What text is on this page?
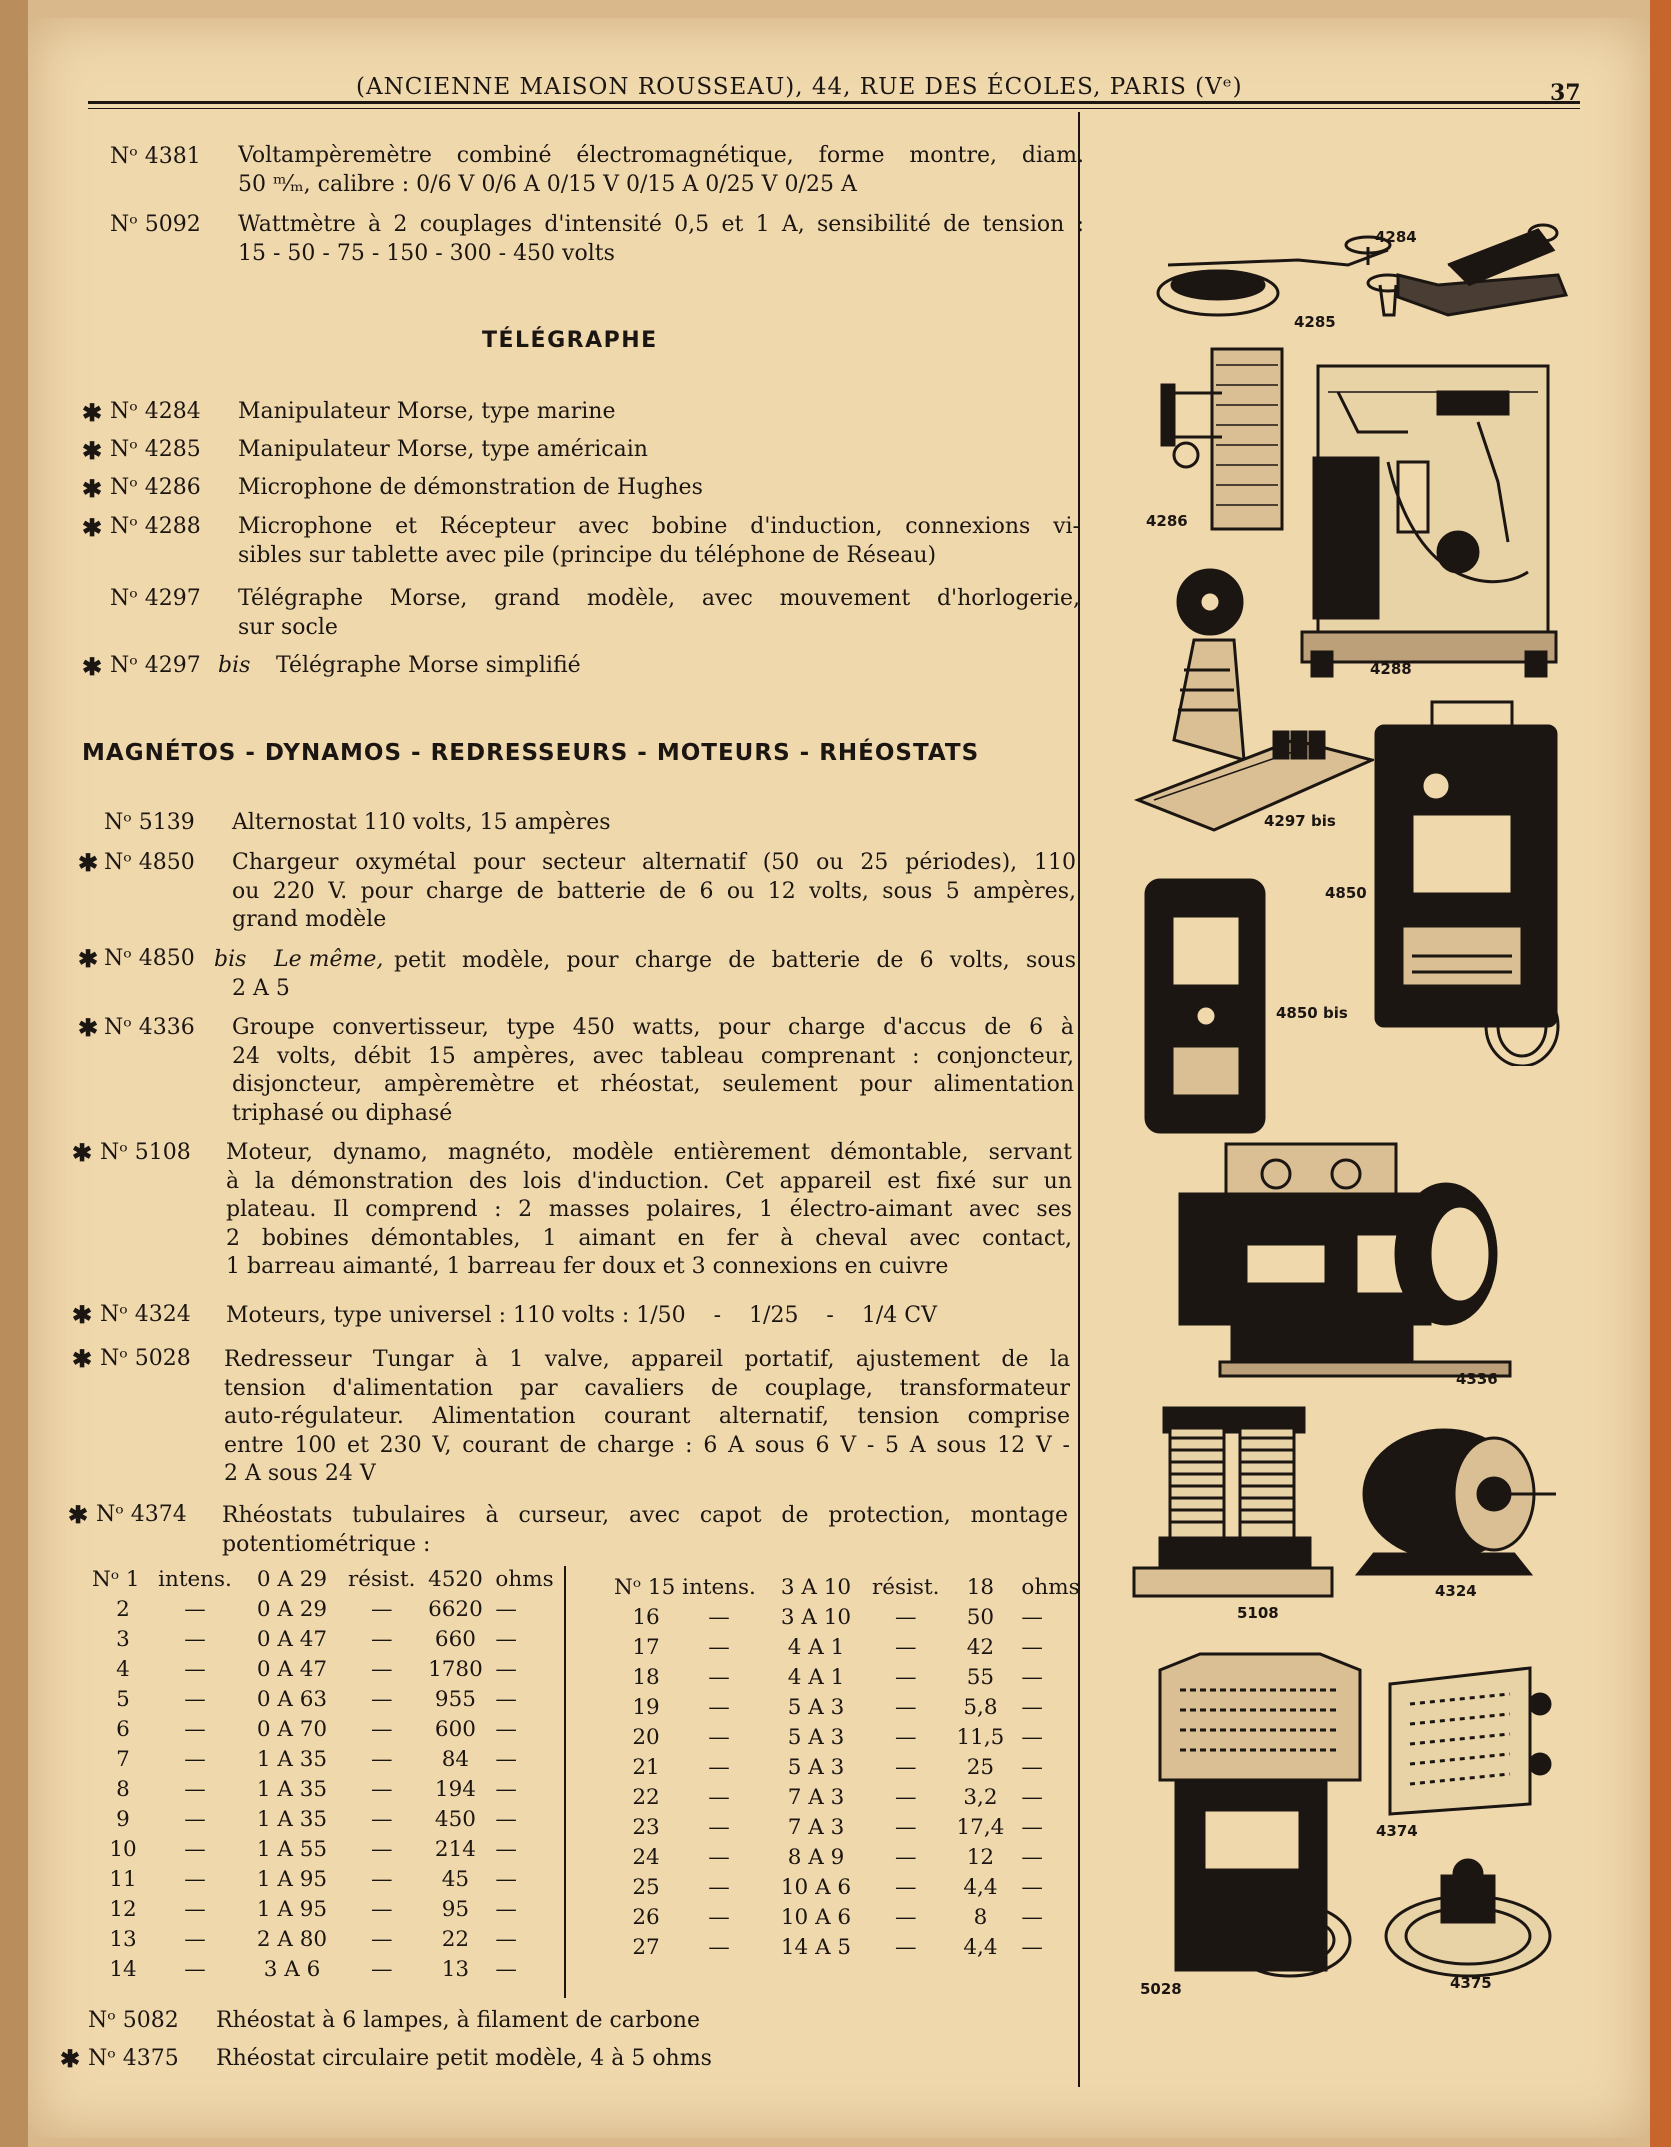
(ANCIENNE MAISON ROUSSEAU), 44, RUE DES ÉCOLES, PARIS (Vᵉ)	37
Nᵒ 4381 Voltampèremètre combiné électromagnétique, forme montre, diam.
50 ᵐ⁄ₘ, calibre : 0/6 V 0/6 A 0/15 V 0/15 A 0/25 V 0/25 A
Nᵒ 5092 Wattmètre à 2 couplages d'intensité 0,5 et 1 A, sensibilité de tension :
15 - 50 - 75 - 150 - 300 - 450 volts
TÉLÉGRAPHE
✱ Nᵒ 4284 Manipulateur Morse, type marine
✱ Nᵒ 4285 Manipulateur Morse, type américain
✱ Nᵒ 4286 Microphone de démonstration de Hughes
✱ Nᵒ 4288 Microphone et Récepteur avec bobine d'induction, connexions vi-
sibles sur tablette avec pile (principe du téléphone de Réseau)
Nᵒ 4297 Télégraphe Morse, grand modèle, avec mouvement d'horlogerie,
sur socle
✱ Nᵒ 4297 bis Télégraphe Morse simplifié
MAGNÉTOS - DYNAMOS - REDRESSEURS - MOTEURS - RHÉOSTATS
Nᵒ 5139 Alternostat 110 volts, 15 ampères
✱ Nᵒ 4850 Chargeur oxymétal pour secteur alternatif (50 ou 25 périodes), 110
ou 220 V. pour charge de batterie de 6 ou 12 volts, sous 5 ampères,
grand modèle
✱ Nᵒ 4850 bis Le même, petit modèle, pour charge de batterie de 6 volts, sous
2 A 5
✱ Nᵒ 4336 Groupe convertisseur, type 450 watts, pour charge d'accus de 6 à
24 volts, débit 15 ampères, avec tableau comprenant : conjoncteur,
disjoncteur, ampèremètre et rhéostat, seulement pour alimentation
triphasé ou diphasé
✱ Nᵒ 5108 Moteur, dynamo, magnéto, modèle entièrement démontable, servant
à la démonstration des lois d'induction. Cet appareil est fixé sur un
plateau. Il comprend : 2 masses polaires, 1 électro-aimant avec ses
2 bobines démontables, 1 aimant en fer à cheval avec contact,
1 barreau aimanté, 1 barreau fer doux et 3 connexions en cuivre
✱ Nᵒ 4324 Moteurs, type universel : 110 volts : 1/50    -    1/25    -    1/4 CV
✱ Nᵒ 5028 Redresseur Tungar à 1 valve, appareil portatif, ajustement de la
tension d'alimentation par cavaliers de couplage, transformateur
auto-régulateur. Alimentation courant alternatif, tension comprise
entre 100 et 230 V, courant de charge : 6 A sous 6 V - 5 A sous 12 V -
2 A sous 24 V
✱ Nᵒ 4374 Rhéostats tubulaires à curseur, avec capot de protection, montage
potentiométrique :
Nᵒ 1	intens.	0 A 29	résist.	4520	ohms
2	—	0 A 29	—	6620	—
3	—	0 A 47	—	660	—
4	—	0 A 47	—	1780	—
5	—	0 A 63	—	955	—
6	—	0 A 70	—	600	—
7	—	1 A 35	—	84	—
8	—	1 A 35	—	194	—
9	—	1 A 35	—	450	—
10	—	1 A 55	—	214	—
11	—	1 A 95	—	45	—
12	—	1 A 95	—	95	—
13	—	2 A 80	—	22	—
14	—	3 A 6	—	13	—
Nᵒ 15	intens.	3 A 10	résist.	18	ohms
16	—	3 A 10	—	50	—
17	—	4 A 1	—	42	—
18	—	4 A 1	—	55	—
19	—	5 A 3	—	5,8	—
20	—	5 A 3	—	11,5	—
21	—	5 A 3	—	25	—
22	—	7 A 3	—	3,2	—
23	—	7 A 3	—	17,4	—
24	—	8 A 9	—	12	—
25	—	10 A 6	—	4,4	—
26	—	10 A 6	—	8	—
27	—	14 A 5	—	4,4	—
Nᵒ 5082 Rhéostat à 6 lampes, à filament de carbone
✱ Nᵒ 4375 Rhéostat circulaire petit modèle, 4 à 5 ohms
4284
4285
4286
4288
4297 bis
4850
4850 bis
4336
5108
4324
5028
4374
4375
